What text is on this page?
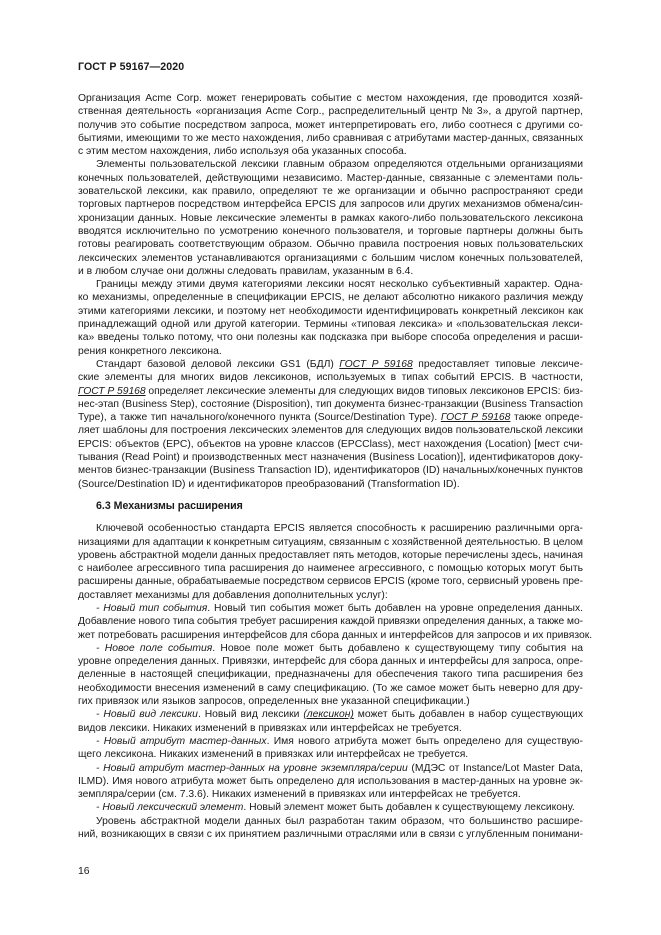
ГОСТ Р 59167—2020
Организация Acme Corp. может генерировать событие с местом нахождения, где проводится хозяй-
ственная деятельность «организация Acme Corp., распределительный центр № 3», а другой партнер,
получив это событие посредством запроса, может интерпретировать его, либо соотнеся с другими со-
бытиями, имеющими то же место нахождения, либо сравнивая с атрибутами мастер-данных, связанных
с этим местом нахождения, либо используя оба указанных способа.
Элементы пользовательской лексики главным образом определяются отдельными организациями
конечных пользователей, действующими независимо. Мастер-данные, связанные с элементами поль-
зовательской лексики, как правило, определяют те же организации и обычно распространяют среди
торговых партнеров посредством интерфейса EPCIS для запросов или других механизмов обмена/син-
хронизации данных. Новые лексические элементы в рамках какого-либо пользовательского лексикона
вводятся исключительно по усмотрению конечного пользователя, и торговые партнеры должны быть
готовы реагировать соответствующим образом. Обычно правила построения новых пользовательских
лексических элементов устанавливаются организациями с большим числом конечных пользователей,
и в любом случае они должны следовать правилам, указанным в 6.4.
Границы между этими двумя категориями лексики носят несколько субъективный характер. Одна-
ко механизмы, определенные в спецификации EPCIS, не делают абсолютно никакого различия между
этими категориями лексики, и поэтому нет необходимости идентифицировать конкретный лексикон как
принадлежащий одной или другой категории. Термины «типовая лексика» и «пользовательская лекси-
ка» введены только потому, что они полезны как подсказка при выборе способа определения и расши-
рения конкретного лексикона.
Стандарт базовой деловой лексики GS1 (БДЛ) ГОСТ Р 59168 предоставляет типовые лексиче-
ские элементы для многих видов лексиконов, используемых в типах событий EPCIS. В частности,
ГОСТ Р 59168 определяет лексические элементы для следующих видов типовых лексиконов EPCIS: биз-
нес-этап (Business Step), состояние (Disposition), тип документа бизнес-транзакции (Business Transaction
Type), а также тип начального/конечного пункта (Source/Destination Type). ГОСТ Р 59168 также опреде-
ляет шаблоны для построения лексических элементов для следующих видов пользовательской лексики
EPCIS: объектов (EPC), объектов на уровне классов (EPCClass), мест нахождения (Location) [мест счи-
тывания (Read Point) и производственных мест назначения (Business Location)], идентификаторов доку-
ментов бизнес-транзакции (Business Transaction ID), идентификаторов (ID) начальных/конечных пунктов
(Source/Destination ID) и идентификаторов преобразований (Transformation ID).
6.3 Механизмы расширения
Ключевой особенностью стандарта EPCIS является способность к расширению различными орга-
низациями для адаптации к конкретным ситуациям, связанным с хозяйственной деятельностью. В целом
уровень абстрактной модели данных предоставляет пять методов, которые перечислены здесь, начиная
с наиболее агрессивного типа расширения до наименее агрессивного, с помощью которых могут быть
расширены данные, обрабатываемые посредством сервисов EPCIS (кроме того, сервисный уровень пре-
доставляет механизмы для добавления дополнительных услуг):
- Новый тип события. Новый тип события может быть добавлен на уровне определения данных.
Добавление нового типа события требует расширения каждой привязки определения данных, а также мо-
жет потребовать расширения интерфейсов для сбора данных и интерфейсов для запросов и их привязок.
- Новое поле события. Новое поле может быть добавлено к существующему типу события на
уровне определения данных. Привязки, интерфейс для сбора данных и интерфейсы для запроса, опре-
деленные в настоящей спецификации, предназначены для обеспечения такого типа расширения без
необходимости внесения изменений в саму спецификацию. (То же самое может быть неверно для дру-
гих привязок или языков запросов, определенных вне указанной спецификации.)
- Новый вид лексики. Новый вид лексики (лексикон) может быть добавлен в набор существующих
видов лексики. Никаких изменений в привязках или интерфейсах не требуется.
- Новый атрибут мастер-данных. Имя нового атрибута может быть определено для существую-
щего лексикона. Никаких изменений в привязках или интерфейсах не требуется.
- Новый атрибут мастер-данных на уровне экземпляра/серии (МДЭС от Instance/Lot Master Data,
ILMD). Имя нового атрибута может быть определено для использования в мастер-данных на уровне эк-
земпляра/серии (см. 7.3.6). Никаких изменений в привязках или интерфейсах не требуется.
- Новый лексический элемент. Новый элемент может быть добавлен к существующему лексикону.
Уровень абстрактной модели данных был разработан таким образом, что большинство расшире-
ний, возникающих в связи с их принятием различными отраслями или в связи с углубленным понимани-
16
